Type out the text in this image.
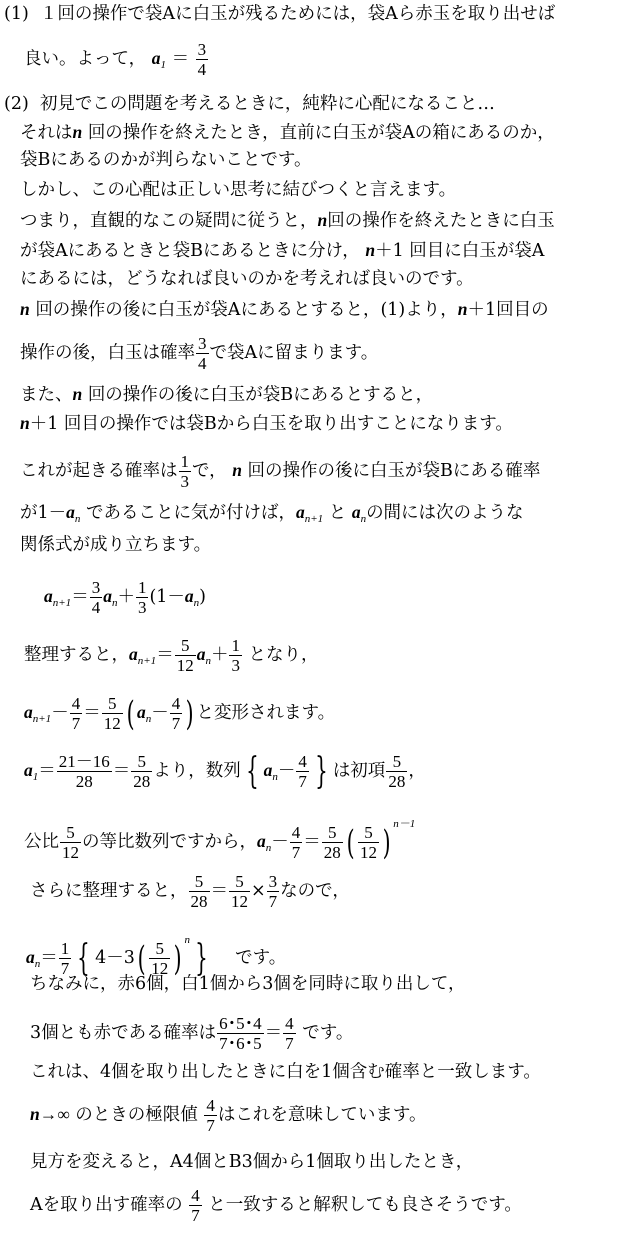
(1) １回の操作で袋Aに白玉が残るためには，袋Aら赤玉を取り出せば
良い。よって， $a_1 = \frac{3}{4}$
(2) 初見でこの問題を考えるときに，純粋に心配になること…
それはn 回の操作を終えたとき，直前に白玉が袋Aの箱にあるのか，
袋Bにあるのかが判らないことです。
しかし、この心配は正しい思考に結びつくと言えます。
つまり，直観的なこの疑問に従うと，n回の操作を終えたときに白玉
が袋Aにあるときと袋Bにあるときに分け， n＋1 回目に白玉が袋A
にあるには，どうなれば良いのかを考えれば良いのです。
n 回の操作の後に白玉が袋Aにあるとすると，(1)より，n＋1回目の
操作の後，白玉は確率 $\frac{3}{4}$ で袋Aに留まります。
また、n 回の操作の後に白玉が袋Bにあるとすると，
n＋1 回目の操作では袋Bから白玉を取り出すことになります。
これが起きる確率は $\frac{1}{3}$ で， n 回の操作の後に白玉が袋Bにある確率
が$1-a_n$ であることに気が付けば，$a_{n+1}$ と $a_n$の間には次のような
関係式が成り立ちます。
$a_{n+1}= \frac{3}{4} a_n+ \frac{1}{3} (1-a_n)$
整理すると，$a_{n+1}= \frac{5}{12} a_n+ \frac{1}{3}$ となり，
$a_{n+1}- \frac{4}{7} = \frac{5}{12}$ ( $a_n- \frac{4}{7}$ ) と変形されます。
$a_1= \frac{21-16}{28} = \frac{5}{28}$ より，数列 { $a_n- \frac{4}{7}$ } は初項 $\frac{5}{28}$ ，
公比 $\frac{5}{12}$ の等比数列ですから，$a_n- \frac{4}{7} = \frac{5}{28}$ ( $\frac{5}{12}$ ) $^{n-1}$
さらに整理すると， $\frac{5}{28} = \frac{5}{12} \times \frac{3}{7}$ なので，
$a_n= \frac{1}{7}$ { $4-3( \frac{5}{12}$ ) $^n$ } です。
ちなみに，赤6個，白1個から3個を同時に取り出して，
3個とも赤である確率は $\frac{6･5･4}{7･6･5} = \frac{4}{7}$ です。
これは、4個を取り出したときに白を1個含む確率と一致します。
n→∞ のときの極限値 $\frac{4}{7}$ はこれを意味しています。
見方を変えると，A4個とB3個から1個取り出したとき，
Aを取り出す確率の $\frac{4}{7}$ と一致すると解釈しても良さそうです。
